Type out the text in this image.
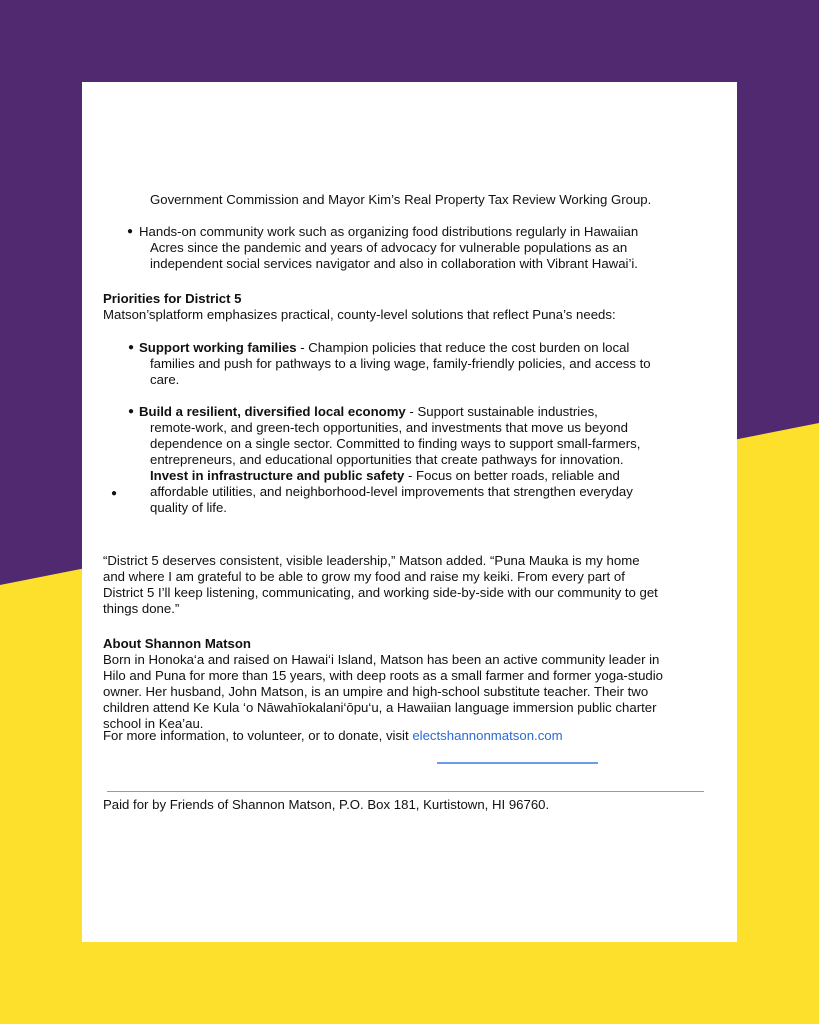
Government Commission and Mayor Kim’s Real Property Tax Review Working Group.
● Hands-on community work such as organizing food distributions regularly in Hawaiian
Acres since the pandemic and years of advocacy for vulnerable populations as an
independent social services navigator and also in collaboration with Vibrant Hawai’i.
Priorities for District 5
Matson’splatform emphasizes practical, county-level solutions that reflect Puna’s needs:
● Support working families - Champion policies that reduce the cost burden on local
families and push for pathways to a living wage, family-friendly policies, and access to
care.
● Build a resilient, diversified local economy - Support sustainable industries,
remote-work, and green-tech opportunities, and investments that move us beyond
dependence on a single sector. Committed to finding ways to support small-farmers,
entrepreneurs, and educational opportunities that create pathways for innovation.
Invest in infrastructure and public safety - Focus on better roads, reliable and
● affordable utilities, and neighborhood-level improvements that strengthen everyday
quality of life.
“District 5 deserves consistent, visible leadership,” Matson added. “Puna Mauka is my home
and where I am grateful to be able to grow my food and raise my keiki. From every part of
District 5 I’ll keep listening, communicating, and working side-by-side with our community to get
things done.”
About Shannon Matson
Born in Honoka‘a and raised on Hawai‘i Island, Matson has been an active community leader in
Hilo and Puna for more than 15 years, with deep roots as a small farmer and former yoga-studio
owner. Her husband, John Matson, is an umpire and high-school substitute teacher. Their two
children attend Ke Kula ‘o Nāwahīokalani‘ōpu‘u, a Hawaiian language immersion public charter
school in Kea’au.
For more information, to volunteer, or to donate, visit electshannonmatson.com
Paid for by Friends of Shannon Matson, P.O. Box 181, Kurtistown, HI 96760.
